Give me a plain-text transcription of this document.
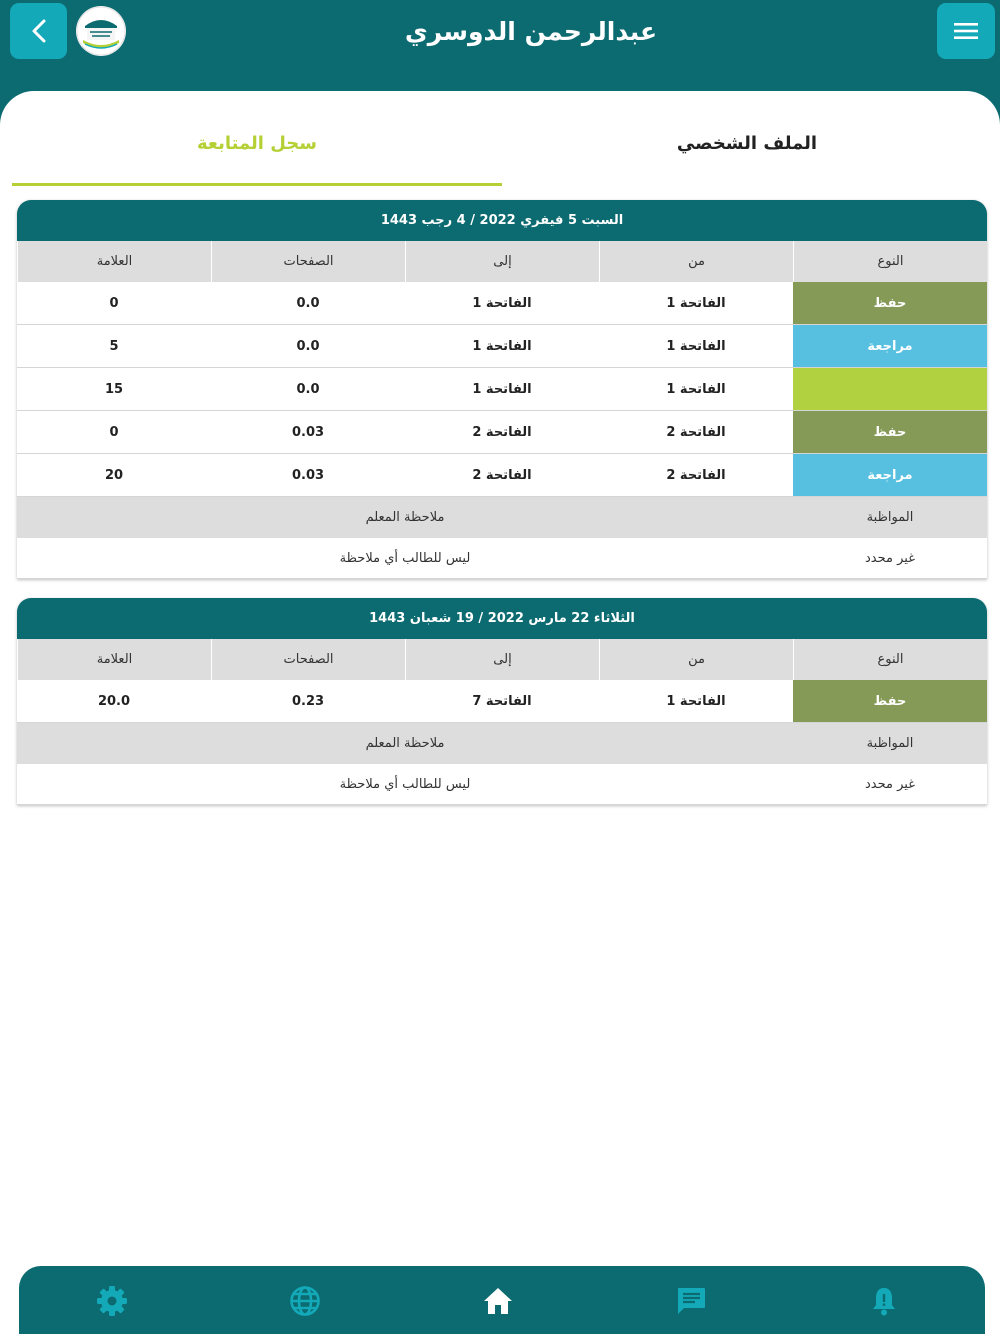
عبدالرحمن الدوسري
الملف الشخصي
سجل المتابعة
السبت 5 فيفري 2022 / 4 رجب 1443
النوع
من
إلى
الصفحات
العلامة
حفظ
الفاتحة 1
الفاتحة 1
0.0
0
مراجعة
الفاتحة 1
الفاتحة 1
0.0
5
الفاتحة 1
الفاتحة 1
0.0
15
حفظ
الفاتحة 2
الفاتحة 2
0.03
0
مراجعة
الفاتحة 2
الفاتحة 2
0.03
20
المواظبة
ملاحظة المعلم
غير محدد
ليس للطالب أي ملاحظة
الثلاثاء 22 مارس 2022 / 19 شعبان 1443
النوع
من
إلى
الصفحات
العلامة
حفظ
الفاتحة 1
الفاتحة 7
0.23
20.0
المواظبة
ملاحظة المعلم
غير محدد
ليس للطالب أي ملاحظة
